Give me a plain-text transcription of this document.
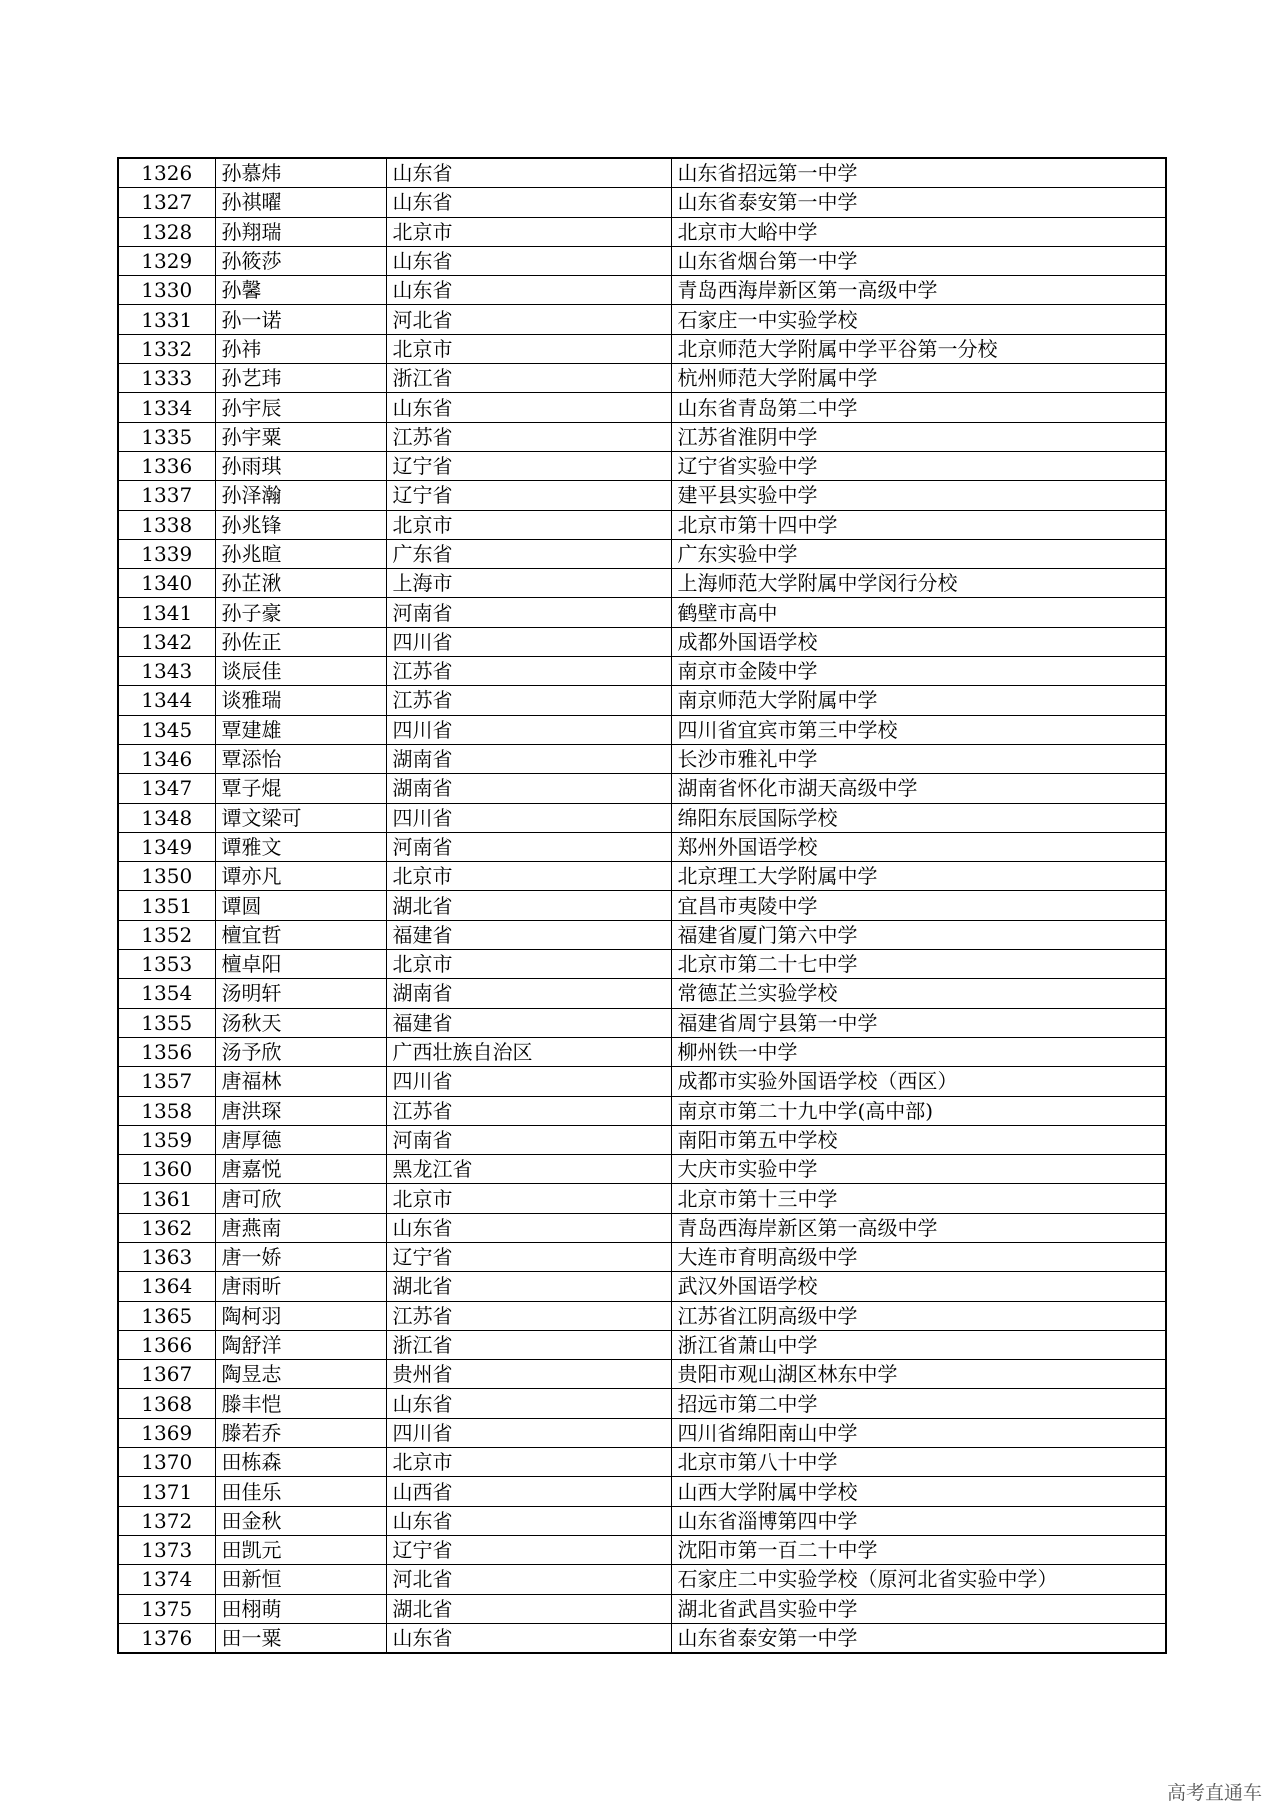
1326	孙慕炜	山东省	山东省招远第一中学
1327	孙祺曜	山东省	山东省泰安第一中学
1328	孙翔瑞	北京市	北京市大峪中学
1329	孙筱莎	山东省	山东省烟台第一中学
1330	孙馨	山东省	青岛西海岸新区第一高级中学
1331	孙一诺	河北省	石家庄一中实验学校
1332	孙祎	北京市	北京师范大学附属中学平谷第一分校
1333	孙艺玮	浙江省	杭州师范大学附属中学
1334	孙宇辰	山东省	山东省青岛第二中学
1335	孙宇粟	江苏省	江苏省淮阴中学
1336	孙雨琪	辽宁省	辽宁省实验中学
1337	孙泽瀚	辽宁省	建平县实验中学
1338	孙兆锋	北京市	北京市第十四中学
1339	孙兆暄	广东省	广东实验中学
1340	孙芷湫	上海市	上海师范大学附属中学闵行分校
1341	孙子豪	河南省	鹤壁市高中
1342	孙佐正	四川省	成都外国语学校
1343	谈辰佳	江苏省	南京市金陵中学
1344	谈雅瑞	江苏省	南京师范大学附属中学
1345	覃建雄	四川省	四川省宜宾市第三中学校
1346	覃添怡	湖南省	长沙市雅礼中学
1347	覃子焜	湖南省	湖南省怀化市湖天高级中学
1348	谭文梁可	四川省	绵阳东辰国际学校
1349	谭雅文	河南省	郑州外国语学校
1350	谭亦凡	北京市	北京理工大学附属中学
1351	谭圆	湖北省	宜昌市夷陵中学
1352	檀宜哲	福建省	福建省厦门第六中学
1353	檀卓阳	北京市	北京市第二十七中学
1354	汤明轩	湖南省	常德芷兰实验学校
1355	汤秋天	福建省	福建省周宁县第一中学
1356	汤予欣	广西壮族自治区	柳州铁一中学
1357	唐福林	四川省	成都市实验外国语学校（西区）
1358	唐洪琛	江苏省	南京市第二十九中学(高中部)
1359	唐厚德	河南省	南阳市第五中学校
1360	唐嘉悦	黑龙江省	大庆市实验中学
1361	唐可欣	北京市	北京市第十三中学
1362	唐燕南	山东省	青岛西海岸新区第一高级中学
1363	唐一娇	辽宁省	大连市育明高级中学
1364	唐雨昕	湖北省	武汉外国语学校
1365	陶柯羽	江苏省	江苏省江阴高级中学
1366	陶舒洋	浙江省	浙江省萧山中学
1367	陶昱志	贵州省	贵阳市观山湖区林东中学
1368	滕丰恺	山东省	招远市第二中学
1369	滕若乔	四川省	四川省绵阳南山中学
1370	田栋森	北京市	北京市第八十中学
1371	田佳乐	山西省	山西大学附属中学校
1372	田金秋	山东省	山东省淄博第四中学
1373	田凯元	辽宁省	沈阳市第一百二十中学
1374	田新恒	河北省	石家庄二中实验学校（原河北省实验中学）
1375	田栩萌	湖北省	湖北省武昌实验中学
1376	田一粟	山东省	山东省泰安第一中学
高考直通车
